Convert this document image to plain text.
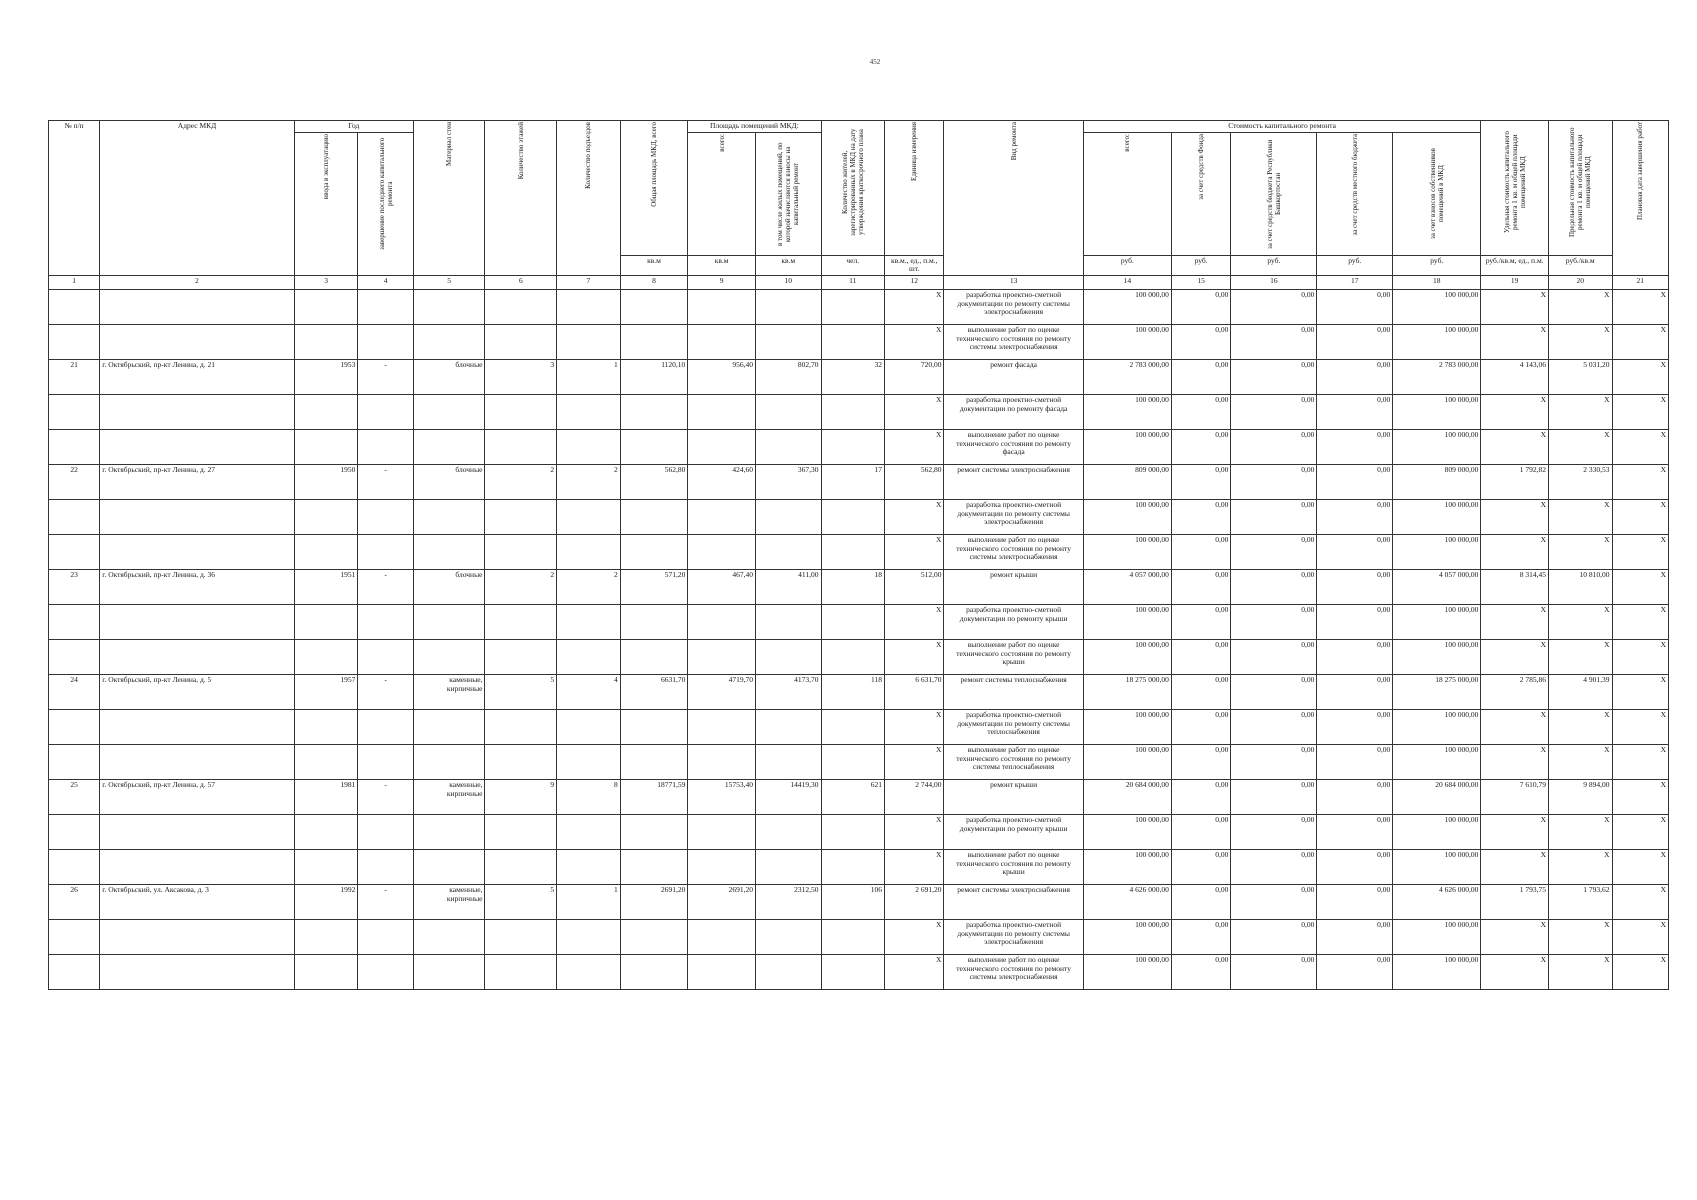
452
№ п/п	Адрес МКД	Год		Материал стен	Количество этажей	Количество подъездов	Общая площадь МКД, всего	Площадь помещений МКД:		Количество жителей, зарегистрированных в МКД на дату утверждения краткосрочного плана	Единица измерения	Вид ремонта	Стоимость капитального ремонта					Удельная стоимость капитального ремонта 1 кв. м общей площади помещений МКД	Предельная стоимость капитального ремонта 1 кв. м общей площади помещений МКД	Плановая дата завершения работ

		ввода в эксплуатацию	завершение последнего капитального ремонта					всего:	в том числе жилых помещений, по которой начисляются взносы на капитальный ремонт				всего:	за счет средств Фонда	за счет средств бюджета Республики Башкортостан	за счет средств местного бюджета	за счет взносов собственников помещений в МКД			

							кв.м	кв.м	кв.м	чел.	кв.м., ед., п.м., шт.		руб.	руб.	руб.	руб.	руб.	руб./кв.м, ед., п.м.	руб./кв.м	
1	2	3	4	5	6	7	8	9	10	11	12	13	14	15	16	17	18	19	20	21
											X	разработка проектно-сметной документации по ремонту системы электроснабжения	100 000,00	0,00	0,00	0,00	100 000,00	X	X	X
											X	выполнение работ по оценке технического состояния по ремонту системы электроснабжения	100 000,00	0,00	0,00	0,00	100 000,00	X	X	X
21	г. Октябрьский, пр-кт Ленина, д. 21	1953	-	блочные	3	1	1120,10	956,40	802,70	32	720,00	ремонт фасада	2 783 000,00	0,00	0,00	0,00	2 783 000,00	4 143,06	5 031,20	X
											X	разработка проектно-сметной документации по ремонту фасада	100 000,00	0,00	0,00	0,00	100 000,00	X	X	X
											X	выполнение работ по оценке технического состояния по ремонту фасада	100 000,00	0,00	0,00	0,00	100 000,00	X	X	X
22	г. Октябрьский, пр-кт Ленина, д. 27	1950	-	блочные	2	2	562,80	424,60	367,30	17	562,80	ремонт системы электроснабжения	809 000,00	0,00	0,00	0,00	809 000,00	1 792,82	2 330,53	X
											X	разработка проектно-сметной документации по ремонту системы электроснабжения	100 000,00	0,00	0,00	0,00	100 000,00	X	X	X
											X	выполнение работ по оценке технического состояния по ремонту системы электроснабжения	100 000,00	0,00	0,00	0,00	100 000,00	X	X	X
23	г. Октябрьский, пр-кт Ленина, д. 36	1951	-	блочные	2	2	571,20	467,40	411,00	18	512,00	ремонт крыши	4 057 000,00	0,00	0,00	0,00	4 057 000,00	8 314,45	10 810,00	X
											X	разработка проектно-сметной документации по ремонту крыши	100 000,00	0,00	0,00	0,00	100 000,00	X	X	X
											X	выполнение работ по оценке технического состояния по ремонту крыши	100 000,00	0,00	0,00	0,00	100 000,00	X	X	X
24	г. Октябрьский, пр-кт Ленина, д. 5	1957	-	каменные, кирпичные	5	4	6631,70	4719,70	4173,70	118	6 631,70	ремонт системы теплоснабжения	18 275 000,00	0,00	0,00	0,00	18 275 000,00	2 785,86	4 901,39	X
											X	разработка проектно-сметной документации по ремонту системы теплоснабжения	100 000,00	0,00	0,00	0,00	100 000,00	X	X	X
											X	выполнение работ по оценке технического состояния по ремонту системы теплоснабжения	100 000,00	0,00	0,00	0,00	100 000,00	X	X	X
25	г. Октябрьский, пр-кт Ленина, д. 57	1981	-	каменные, кирпичные	9	8	18771,59	15753,40	14419,30	621	2 744,00	ремонт крыши	20 684 000,00	0,00	0,00	0,00	20 684 000,00	7 610,79	9 894,00	X
											X	разработка проектно-сметной документации по ремонту крыши	100 000,00	0,00	0,00	0,00	100 000,00	X	X	X
											X	выполнение работ по оценке технического состояния по ремонту крыши	100 000,00	0,00	0,00	0,00	100 000,00	X	X	X
26	г. Октябрьский, ул. Аксакова, д. 3	1992	-	каменные, кирпичные	5	1	2691,20	2691,20	2312,50	106	2 691,20	ремонт системы электроснабжения	4 626 000,00	0,00	0,00	0,00	4 626 000,00	1 793,75	1 793,62	X
											X	разработка проектно-сметной документации по ремонту системы электроснабжения	100 000,00	0,00	0,00	0,00	100 000,00	X	X	X
											X	выполнение работ по оценке технического состояния по ремонту системы электроснабжения	100 000,00	0,00	0,00	0,00	100 000,00	X	X	X
